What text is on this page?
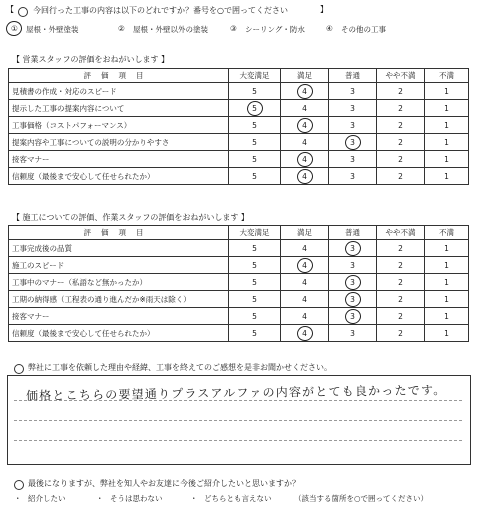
【 今回行った工事の内容は以下のどれですか？番号を○で囲ってください	】
① 屋根・外壁塗装	② 屋根・外壁以外の塗装	③ シーリング・防水	④ その他の工事
【 営業スタッフの評価をおねがいします 】
評価項目	大変満足	満足	普通	やや不満	不満
見積書の作成・対応のスピード	5	4	3	2	1
提示した工事の提案内容について	5	4	3	2	1
工事価格（コストパフォーマンス）	5	4	3	2	1
提案内容や工事についての説明の分かりやすさ	5	4	3	2	1
接客マナー	5	4	3	2	1
信頼度（最後まで安心して任せられたか）	5	4	3	2	1
【 施工についての評価、作業スタッフの評価をおねがいします 】
評価項目	大変満足	満足	普通	やや不満	不満
工事完成後の品質	5	4	3	2	1
施工のスピード	5	4	3	2	1
工事中のマナー（私語など無かったか）	5	4	3	2	1
工期の納得感（工程表の通り進んだか※雨天は除く）	5	4	3	2	1
接客マナー	5	4	3	2	1
信頼度（最後まで安心して任せられたか）	5	4	3	2	1
弊社に工事を依頼した理由や経緯、工事を終えてのご感想を是非お聞かせください。
価格とこちらの要望通りプラスアルファの内容がとても良かったです。
最後になりますが、弊社を知人やお友達に今後ご紹介したいと思いますか？
・ 紹介したい	・ そうは思わない	・ どちらとも言えない	（該当する箇所を○で囲ってください）
